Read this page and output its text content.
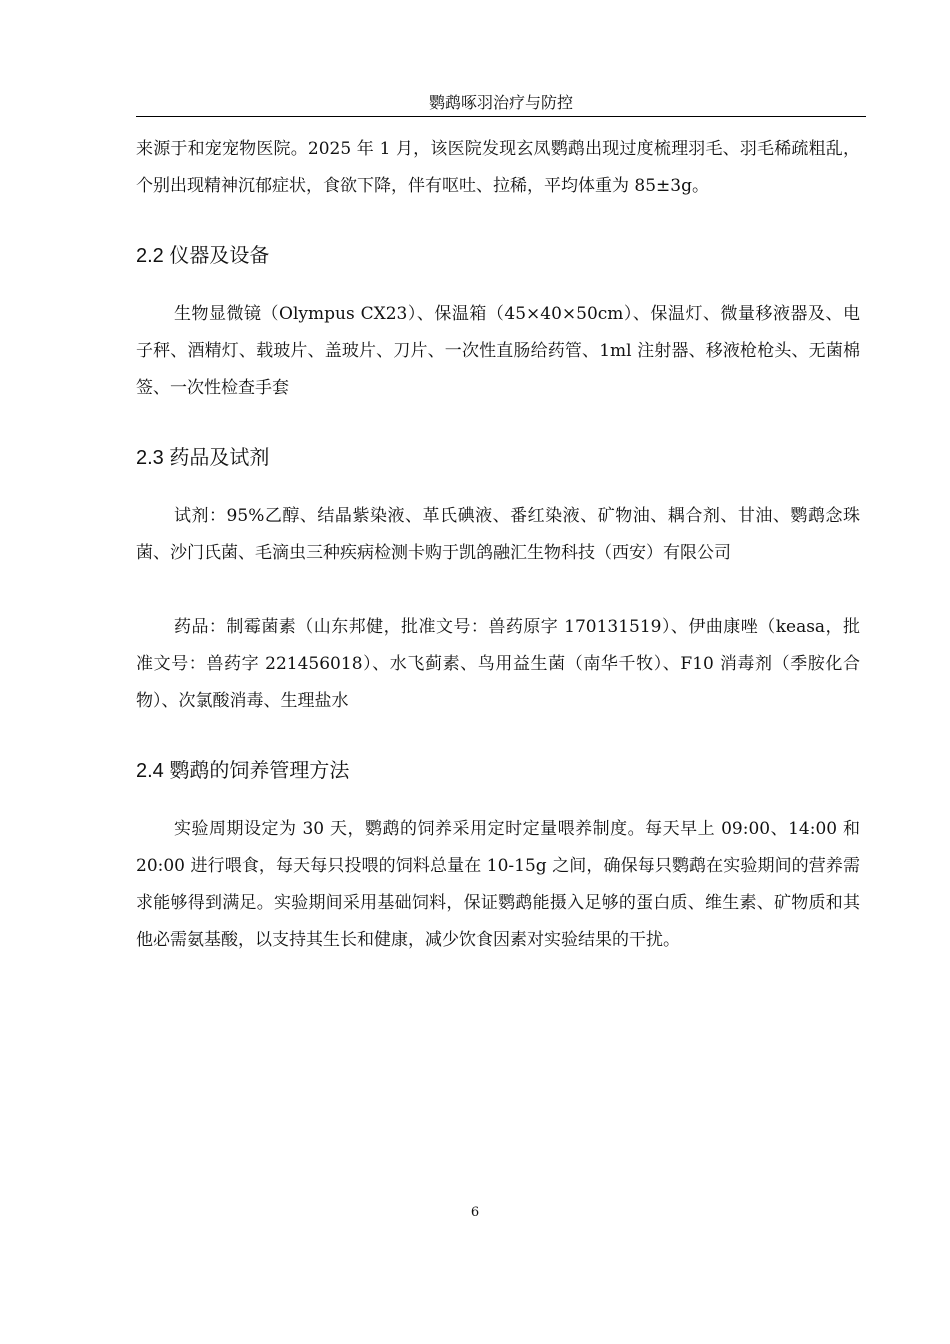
鹦鹉啄羽治疗与防控

来源于和宠宠物医院。2025 年 1 月，该医院发现玄凤鹦鹉出现过度梳理羽毛、羽毛稀疏粗乱，个别出现精神沉郁症状，食欲下降，伴有呕吐、拉稀，平均体重为 85±3g。

2.2 仪器及设备

生物显微镜（Olympus CX23）、保温箱（45×40×50cm）、保温灯、微量移液器及、电子秤、酒精灯、载玻片、盖玻片、刀片、一次性直肠给药管、1ml 注射器、移液枪枪头、无菌棉签、一次性检查手套

2.3 药品及试剂

试剂：95%乙醇、结晶紫染液、革氏碘液、番红染液、矿物油、耦合剂、甘油、鹦鹉念珠菌、沙门氏菌、毛滴虫三种疾病检测卡购于凯鸽融汇生物科技（西安）有限公司

药品：制霉菌素（山东邦健，批准文号：兽药原字 170131519）、伊曲康唑（keasa，批准文号：兽药字 221456018）、水飞蓟素、鸟用益生菌（南华千牧）、F10 消毒剂（季胺化合物）、次氯酸消毒、生理盐水

2.4 鹦鹉的饲养管理方法

实验周期设定为 30 天，鹦鹉的饲养采用定时定量喂养制度。每天早上 09:00、14:00 和 20:00 进行喂食，每天每只投喂的饲料总量在 10-15g 之间，确保每只鹦鹉在实验期间的营养需求能够得到满足。实验期间采用基础饲料，保证鹦鹉能摄入足够的蛋白质、维生素、矿物质和其他必需氨基酸，以支持其生长和健康，减少饮食因素对实验结果的干扰。

6
